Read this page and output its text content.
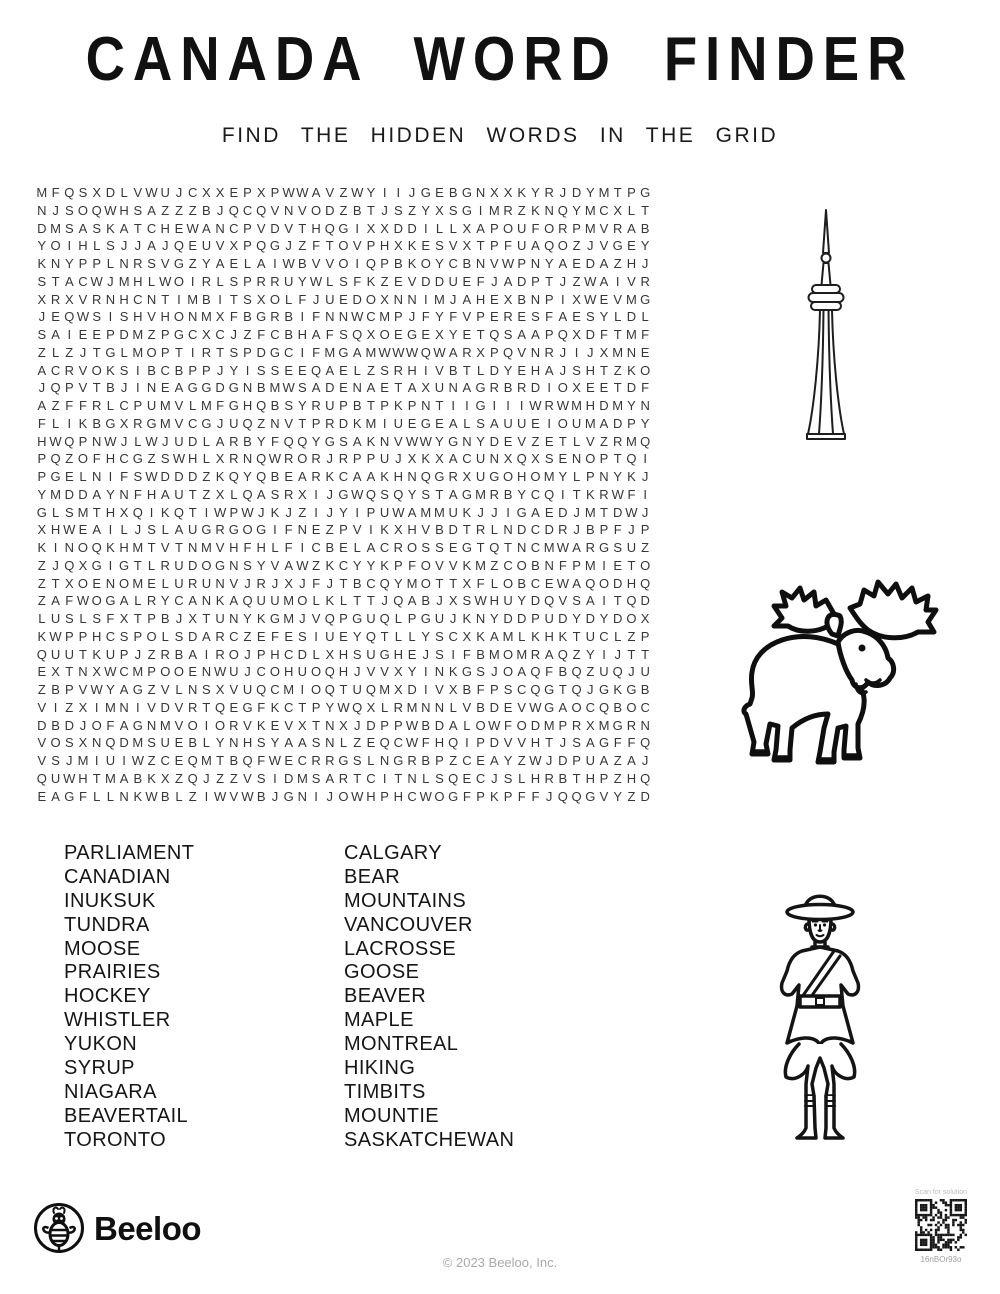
CANADA WORD FINDER
FIND THE HIDDEN WORDS IN THE GRID
M F Q S X D L V W U J C X X E P X P W W A V Z W Y I I J G E B G N X X K Y R J D Y M T P G
N J S O Q W H S A Z Z Z B J Q C Q V N V O D Z B T J S Z Y X S G I M R Z K N Q Y M C X L T
D M S A S K A T C H E W A N C P V D V T H Q G I X X D D I L L X A P O U F O R P M V R A B
Y O I H L S J J A J Q E U V X P Q G J Z F T O V P H X K E S V X T P F U A Q O Z J V G E Y
K N Y P P L N R S V G Z Y A E L A I W B V V O I Q P B K O Y C B N V W P N Y A E D A Z H J
S T A C W J M H L W O I R L S P R R U Y W L S F K Z E V D D U E F J A D P T J Z W A I V R
X R X V R N H C N T I M B I T S X O L F J U E D O X N N I M J A H E X B N P I X W E V M G
J E Q W S I S H V H O N M X F B G R B I F N N W C M P J F Y F V P E R E S F A E S Y L D L
S A I E E P D M Z P G C X C J Z F C B H A F S Q X O E G E X Y E T Q S A A P Q X D F T M F
Z L Z J T G L M O P T I R T S P D G C I F M G A M W W W Q W A R X P Q V N R J I J X M N E
A C R V O K S I B C B P P J Y I S S E E Q A E L Z S R H I V B T L D Y E H A J S H T Z K O
J Q P V T B J I N E A G G D G N B M W S A D E N A E T A X U N A G R B R D I O X E E T D F
A Z F F R L C P U M V L M F G H Q B S Y R U P B T P K P N T I I G I I I W R W M H D M Y N
F L I K B G X R G M V C G J U Q Z N V T P R D K M I U E G E A L S A U U E I O U M A D P Y
H W Q P N W J L W J U D L A R B Y F Q Q Y G S A K N V W W Y G N Y D E V Z E T L V Z R M Q
P Q Z O F H C G Z S W H L X R N Q W R O R J R P P U J X K X A C U N X Q X S E N O P T Q I
P G E L N I F S W D D D Z K Q Y Q B E A R K C A A K H N Q G R X U G O H O M Y L P N Y K J
Y M D D A Y N F H A U T Z X L Q A S R X I J G W Q S Q Y S T A G M R B Y C Q I T K R W F I
G L S M T H X Q I K Q T I W P W J K J Z I J Y I P U W A M M U K J J I G A E D J M T D W J
X H W E A I L J S L A U G R G O G I F N E Z P V I K X H V B D T R L N D C D R J B P F J P
K I N O Q K H M T V T N M V H F H L F I C B E L A C R O S S E G T Q T N C M W A R G S U Z
Z J Q X G I G T L R U D O G N S Y V A W Z K C Y Y K P F O V V K M Z C O B N F P M I E T O
Z T X O E N O M E L U R U N V J R J X J F J T B C Q Y M O T T X F L O B C E W A Q O D H Q
Z A F W O G A L R Y C A N K A Q U U M O L K L T T J Q A B J X S W H U Y D Q V S A I T Q D
L U S L S F X T P B J X T U N Y K G M J V Q P G U Q L P G U J K N Y D D P U D Y D Y D O X
K W P P H C S P O L S D A R C Z E F E S I U E Y Q T L L Y S C X K A M L K H K T U C L Z P
Q U U T K U P J Z R B A I R O J P H C D L X H S U G H E J S I F B M O M R A Q Z Y I J T T
E X T N X W C M P O O E N W U J C O H U O Q H J V V X Y I N K G S J O A Q F B Q Z U Q J U
Z B P V W Y A G Z V L N S X V U Q C M I O Q T U Q M X D I V X B F P S C Q G T Q J G K G B
V I Z X I M N I V D V R T Q E G F K C T P Y W Q X L R M N N L V B D E V W G A O C Q B O C
D B D J O F A G N M V O I O R V K E V X T N X J D P P W B D A L O W F O D M P R X M G R N
V O S X N Q D M S U E B L Y N H S Y A A S N L Z E Q C W F H Q I P D V V H T J S A G F F Q
V S J M I U I W Z C E Q M T B Q F W E C R R G S L N G R B P Z C E A Y Z W J D P U A Z A J
Q U W H T M A B K X Z Q J Z Z V S I D M S A R T C I T N L S Q E C J S L H R B T H P Z H Q
E A G F L L N K W B L Z I W V W B J G N I J O W H P H C W O G F P K P F F J Q Q G V Y Z D
PARLIAMENT
CANADIAN
INUKSUK
TUNDRA
MOOSE
PRAIRIES
HOCKEY
WHISTLER
YUKON
SYRUP
NIAGARA
BEAVERTAIL
TORONTO
CALGARY
BEAR
MOUNTAINS
VANCOUVER
LACROSSE
GOOSE
BEAVER
MAPLE
MONTREAL
HIKING
TIMBITS
MOUNTIE
SASKATCHEWAN
Beeloo
© 2023 Beeloo, Inc.
Scan for solution
16nBOr93o
